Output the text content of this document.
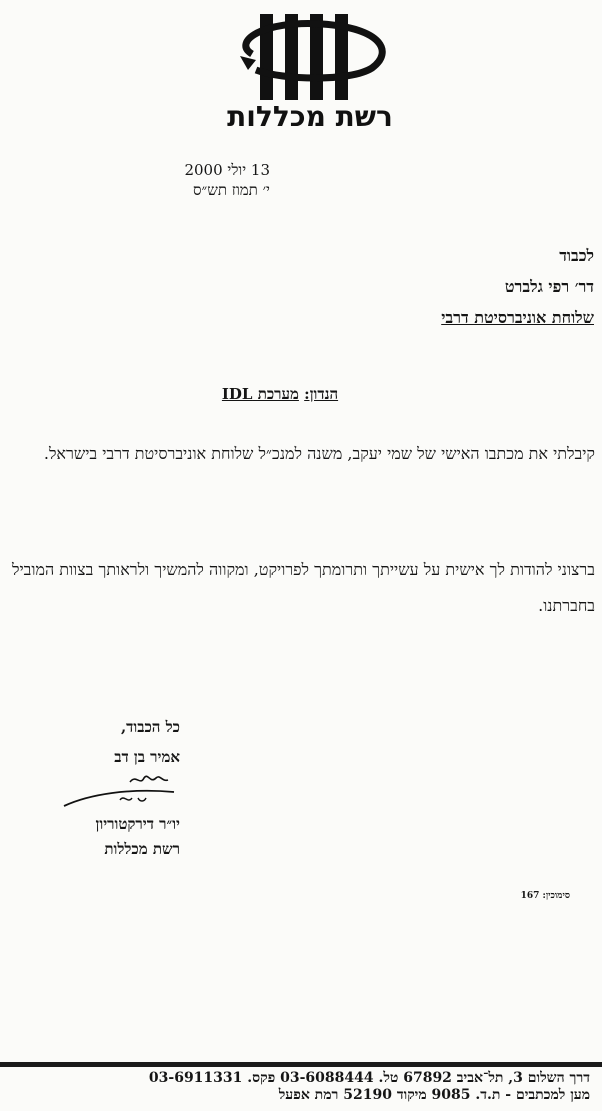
רשת מכללות
13 יולי 2000
י׳ תמוז תש״ס
לכבוד
דר׳ רפי גלברט
שלוחת אוניברסיטת דרבי
הנדון: מערכת IDL
קיבלתי את מכתבו האישי של שמי יעקב, משנה למנכ״ל שלוחת אוניברסיטת דרבי בישראל.
ברצוני להודות לך אישית על עשייתך ותרומתך לפרויקט, ומקווה להמשיך ולראותך בצוות המוביל בחברתנו.
כל הכבוד,
אמיר בן דב
יו״ר דירקטוריון
רשת מכללות
סימוכין: 167
דרך השלום 3, תל־אביב 67892 טל. 03-6088444 פקס. 03-6911331
מען למכתבים - ת.ד. 9085 מיקוד 52190 רמת אפעל
